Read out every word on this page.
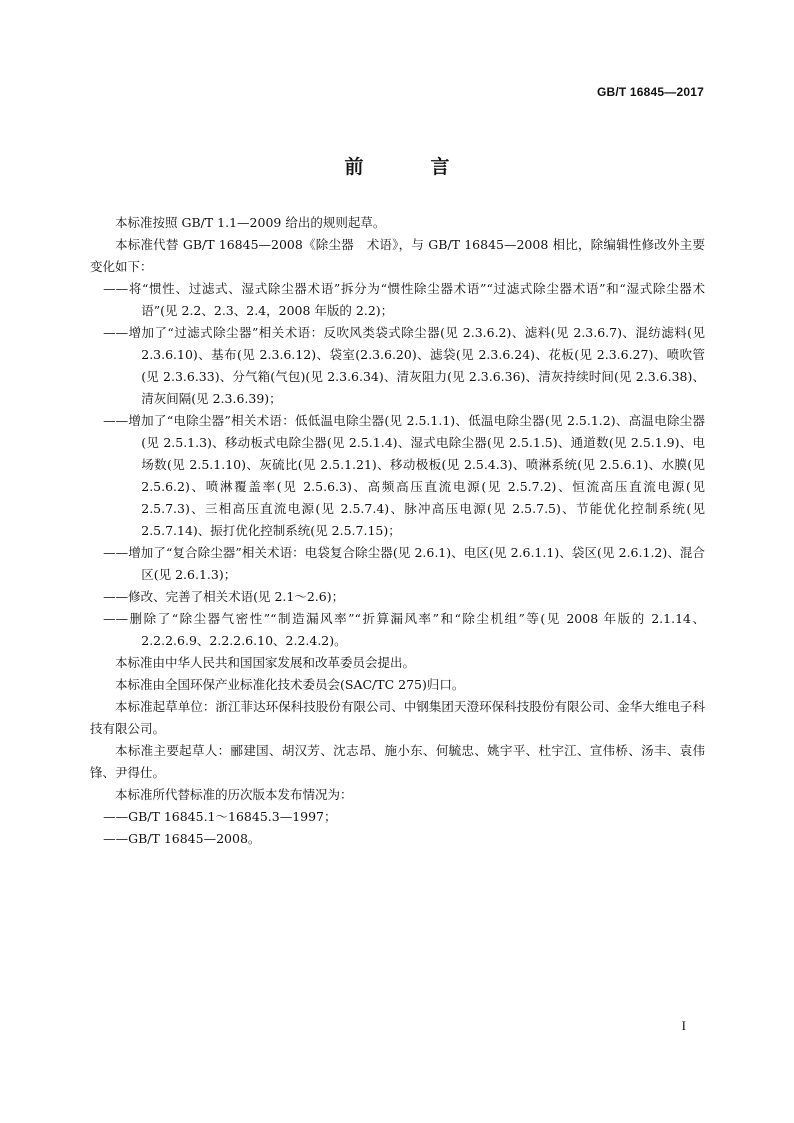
GB/T 16845—2017
前　言

本标准按照 GB/T 1.1—2009 给出的规则起草。

本标准代替 GB/T 16845—2008《除尘器　术语》，与 GB/T 16845—2008 相比，除编辑性修改外主要变化如下：

——将“惯性、过滤式、湿式除尘器术语”拆分为“惯性除尘器术语”“过滤式除尘器术语”和“湿式除尘器术语”(见 2.2、2.3、2.4，2008 年版的 2.2)；

——增加了“过滤式除尘器”相关术语：反吹风类袋式除尘器(见 2.3.6.2)、滤料(见 2.3.6.7)、混纺滤料(见 2.3.6.10)、基布(见 2.3.6.12)、袋室(2.3.6.20)、滤袋(见 2.3.6.24)、花板(见 2.3.6.27)、喷吹管(见 2.3.6.33)、分气箱(气包)(见 2.3.6.34)、清灰阻力(见 2.3.6.36)、清灰持续时间(见 2.3.6.38)、清灰间隔(见 2.3.6.39)；

——增加了“电除尘器”相关术语：低低温电除尘器(见 2.5.1.1)、低温电除尘器(见 2.5.1.2)、高温电除尘器(见 2.5.1.3)、移动板式电除尘器(见 2.5.1.4)、湿式电除尘器(见 2.5.1.5)、通道数(见 2.5.1.9)、电场数(见 2.5.1.10)、灰硫比(见 2.5.1.21)、移动极板(见 2.5.4.3)、喷淋系统(见 2.5.6.1)、水膜(见 2.5.6.2)、喷淋覆盖率(见 2.5.6.3)、高频高压直流电源(见 2.5.7.2)、恒流高压直流电源(见 2.5.7.3)、三相高压直流电源(见 2.5.7.4)、脉冲高压电源(见 2.5.7.5)、节能优化控制系统(见 2.5.7.14)、振打优化控制系统(见 2.5.7.15)；

——增加了“复合除尘器”相关术语：电袋复合除尘器(见 2.6.1)、电区(见 2.6.1.1)、袋区(见 2.6.1.2)、混合区(见 2.6.1.3)；

——修改、完善了相关术语(见 2.1～2.6)；

——删除了“除尘器气密性”“制造漏风率”“折算漏风率”和“除尘机组”等(见 2008 年版的 2.1.14、2.2.2.6.9、2.2.2.6.10、2.2.4.2)。

本标准由中华人民共和国国家发展和改革委员会提出。

本标准由全国环保产业标准化技术委员会(SAC/TC 275)归口。

本标准起草单位：浙江菲达环保科技股份有限公司、中钢集团天澄环保科技股份有限公司、金华大维电子科技有限公司。

本标准主要起草人：郦建国、胡汉芳、沈志昂、施小东、何毓忠、姚宇平、杜宇江、宣伟桥、汤丰、袁伟锋、尹得仕。

本标准所代替标准的历次版本发布情况为：

——GB/T 16845.1～16845.3—1997；

——GB/T 16845—2008。

I
